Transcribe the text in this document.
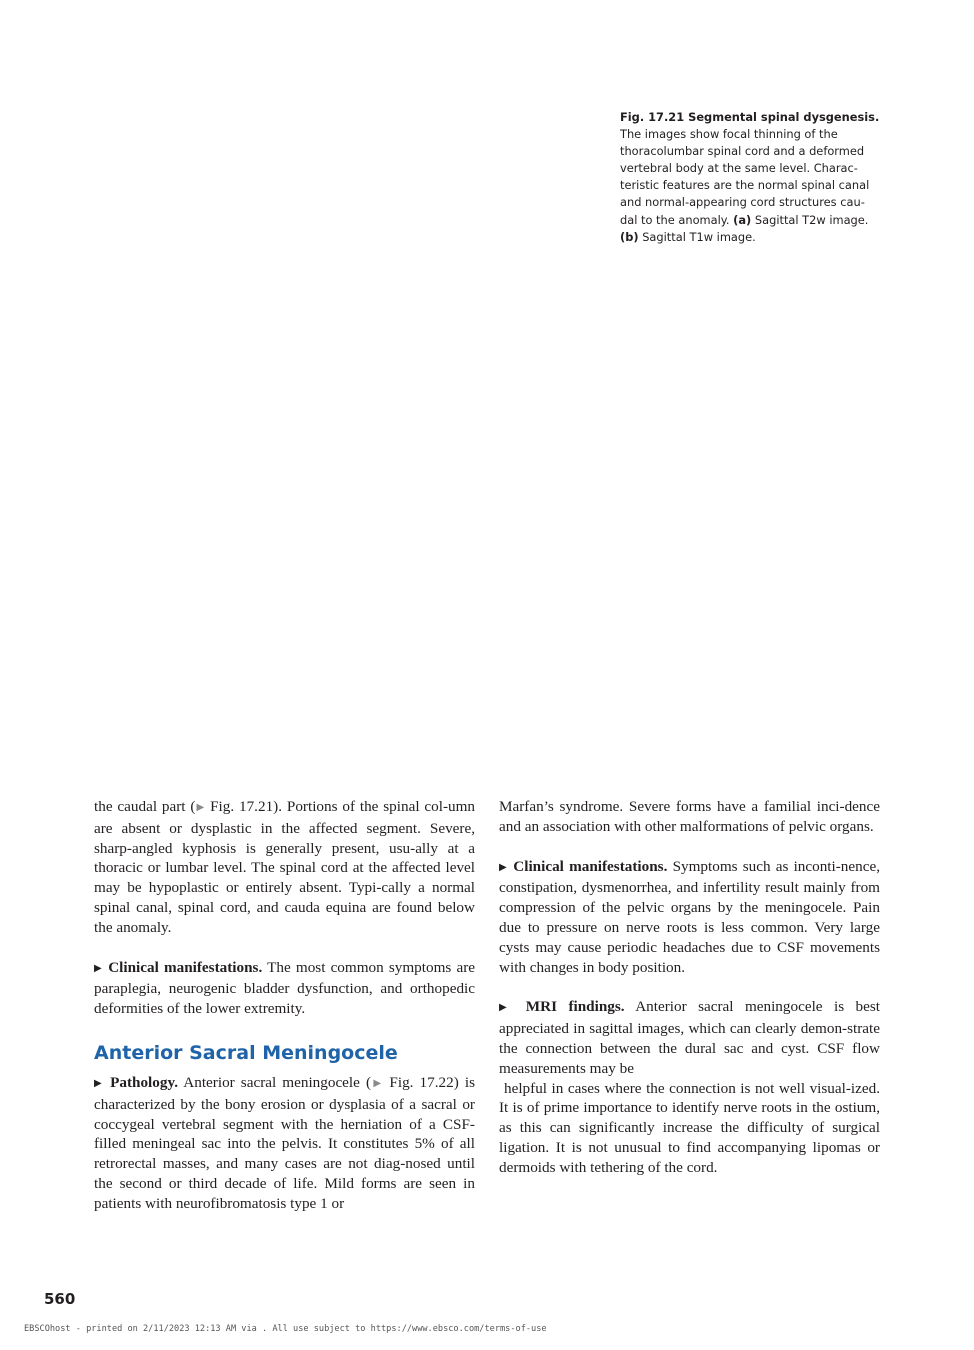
Fig. 17.21 Segmental spinal dysgenesis. The images show focal thinning of the thoracolumbar spinal cord and a deformed vertebral body at the same level. Charac-teristic features are the normal spinal canal and normal-appearing cord structures cau-dal to the anomaly. (a) Sagittal T2w image. (b) Sagittal T1w image.

the caudal part (▶ Fig. 17.21). Portions of the spinal col-umn are absent or dysplastic in the affected segment. Severe, sharp-angled kyphosis is generally present, usu-ally at a thoracic or lumbar level. The spinal cord at the affected level may be hypoplastic or entirely absent. Typi-cally a normal spinal canal, spinal cord, and cauda equina are found below the anomaly.

▶ Clinical manifestations. The most common symptoms are paraplegia, neurogenic bladder dysfunction, and orthopedic deformities of the lower extremity.

Anterior Sacral Meningocele

▶ Pathology. Anterior sacral meningocele (▶ Fig. 17.22) is characterized by the bony erosion or dysplasia of a sacral or coccygeal vertebral segment with the herniation of a CSF-filled meningeal sac into the pelvis. It constitutes 5% of all retrorectal masses, and many cases are not diag-nosed until the second or third decade of life. Mild forms are seen in patients with neurofibromatosis type 1 or

Marfan’s syndrome. Severe forms have a familial inci-dence and an association with other malformations of pelvic organs.

▶ Clinical manifestations. Symptoms such as inconti-nence, constipation, dysmenorrhea, and infertility result mainly from compression of the pelvic organs by the meningocele. Pain due to pressure on nerve roots is less common. Very large cysts may cause periodic headaches due to CSF movements with changes in body position.

▶ MRI findings. Anterior sacral meningocele is best appreciated in sagittal images, which can clearly demon-strate the connection between the dural sac and cyst. CSF flow measurements may be

helpful in cases where the connection is not well visual-ized. It is of prime importance to identify nerve roots in the ostium, as this can significantly increase the difficulty of surgical ligation. It is not unusual to find accompanying lipomas or dermoids with tethering of the cord.

560
EBSCOhost - printed on 2/11/2023 12:13 AM via . All use subject to https://www.ebsco.com/terms-of-use
